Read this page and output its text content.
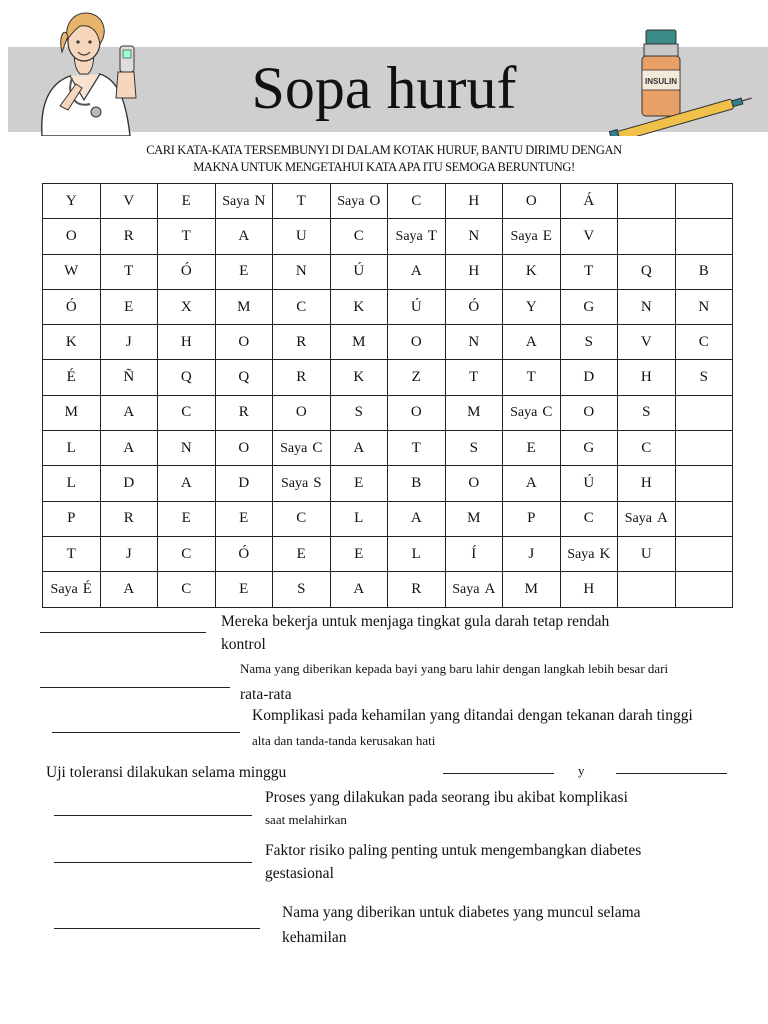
Sopa huruf	INSULIN
CARI KATA-KATA TERSEMBUNYI DI DALAM KOTAK HURUF, BANTU DIRIMU DENGAN
MAKNA UNTUK MENGETAHUI KATA APA ITU SEMOGA BERUNTUNG!
Y	V	E	Saya N	T	Saya O	C	H	O	Á		
O	R	T	A	U	C	Saya T	N	Saya E	V		
W	T	Ó	E	N	Ú	A	H	K	T	Q	B
Ó	E	X	M	C	K	Ú	Ó	Y	G	N	N
K	J	H	O	R	M	O	N	A	S	V	C
É	Ñ	Q	Q	R	K	Z	T	T	D	H	S
M	A	C	R	O	S	O	M	Saya C	O	S	
L	A	N	O	Saya C	A	T	S	E	G	C	
L	D	A	D	Saya S	E	B	O	A	Ú	H	
P	R	E	E	C	L	A	M	P	C	Saya A	
T	J	C	Ó	E	E	L	Í	J	Saya K	U	
Saya É	A	C	E	S	A	R	Saya A	M	H		
Mereka bekerja untuk menjaga tingkat gula darah tetap rendah
kontrol
Nama yang diberikan kepada bayi yang baru lahir dengan langkah lebih besar dari
rata-rata
Komplikasi pada kehamilan yang ditandai dengan tekanan darah tinggi
alta dan tanda-tanda kerusakan hati
Uji toleransi dilakukan selama minggu	y
Proses yang dilakukan pada seorang ibu akibat komplikasi
saat melahirkan
Faktor risiko paling penting untuk mengembangkan diabetes
gestasional
Nama yang diberikan untuk diabetes yang muncul selama
kehamilan
